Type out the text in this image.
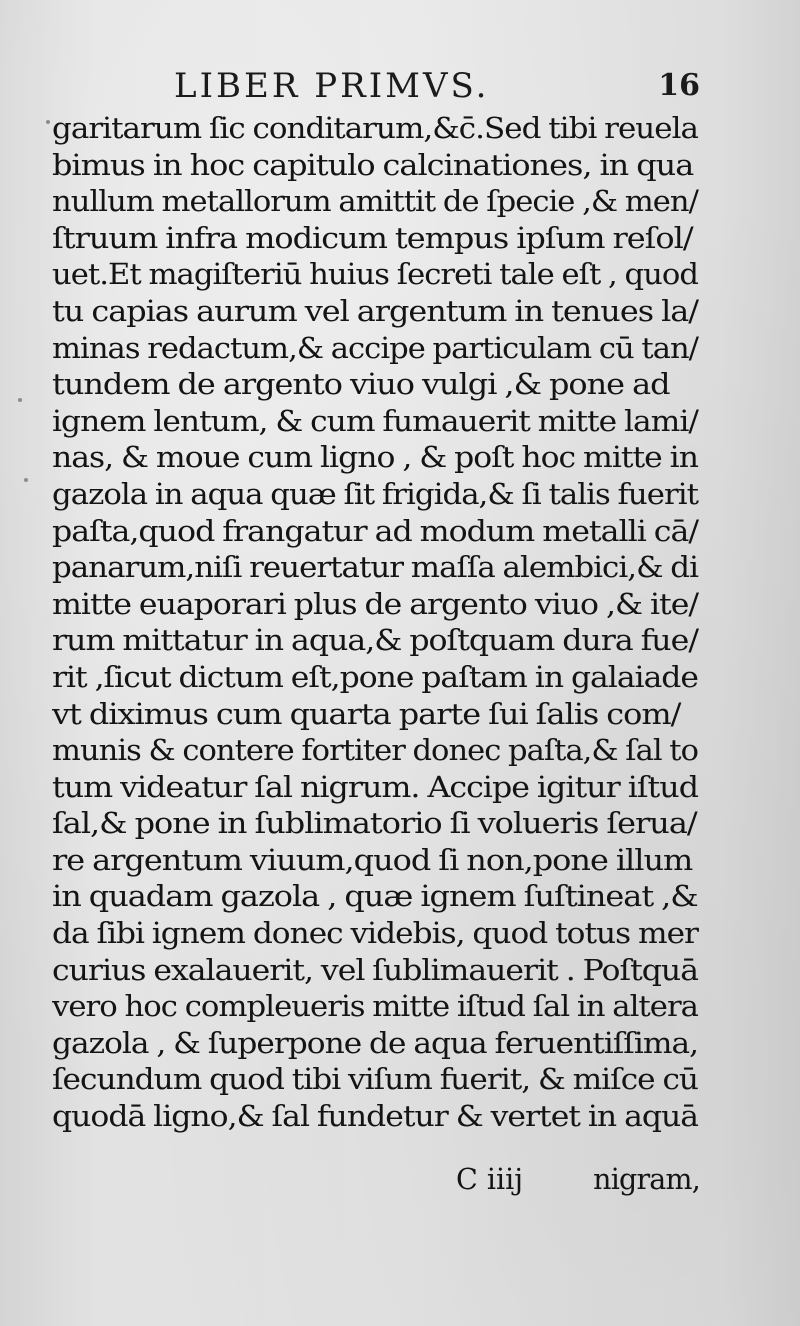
LIBER PRIMVS.	16
garitarum ſic conditarum,&c̄.Sed tibi reuela
bimus in hoc capitulo calcinationes, in qua
nullum metallorum amittit de ſpecie ,& men/
ſtruum infra modicum tempus ipſum reſol/
uet.Et magiſteriū huius ſecreti tale eſt , quod
tu capias aurum vel argentum in tenues la/
minas redactum,& accipe particulam cū tan/
tundem de argento viuo vulgi ,& pone ad
ignem lentum, & cum fumauerit mitte lami/
nas, & moue cum ligno , & poſt hoc mitte in
gazola in aqua quæ ſit frigida,& ſi talis fuerit
paſta,quod frangatur ad modum metalli cā/
panarum,niſi reuertatur maſſa alembici,& di
mitte euaporari plus de argento viuo ,& ite/
rum mittatur in aqua,& poſtquam dura fue/
rit ,ſicut dictum eſt,pone paſtam in galaiade
vt diximus cum quarta parte ſui ſalis com/
munis & contere fortiter donec paſta,& ſal to
tum videatur ſal nigrum. Accipe igitur iſtud
ſal,& pone in ſublimatorio ſi volueris ſerua/
re argentum viuum,quod ſi non,pone illum
in quadam gazola , quæ ignem ſuſtineat ,&
da ſibi ignem donec videbis, quod totus mer
curius exalauerit, vel ſublimauerit . Poſtquā
vero hoc compleueris mitte iſtud ſal in altera
gazola , & ſuperpone de aqua feruentiſſima,
ſecundum quod tibi viſum fuerit, & miſce cū
quodā ligno,& ſal fundetur & vertet in aquā
C iiij nigram,
